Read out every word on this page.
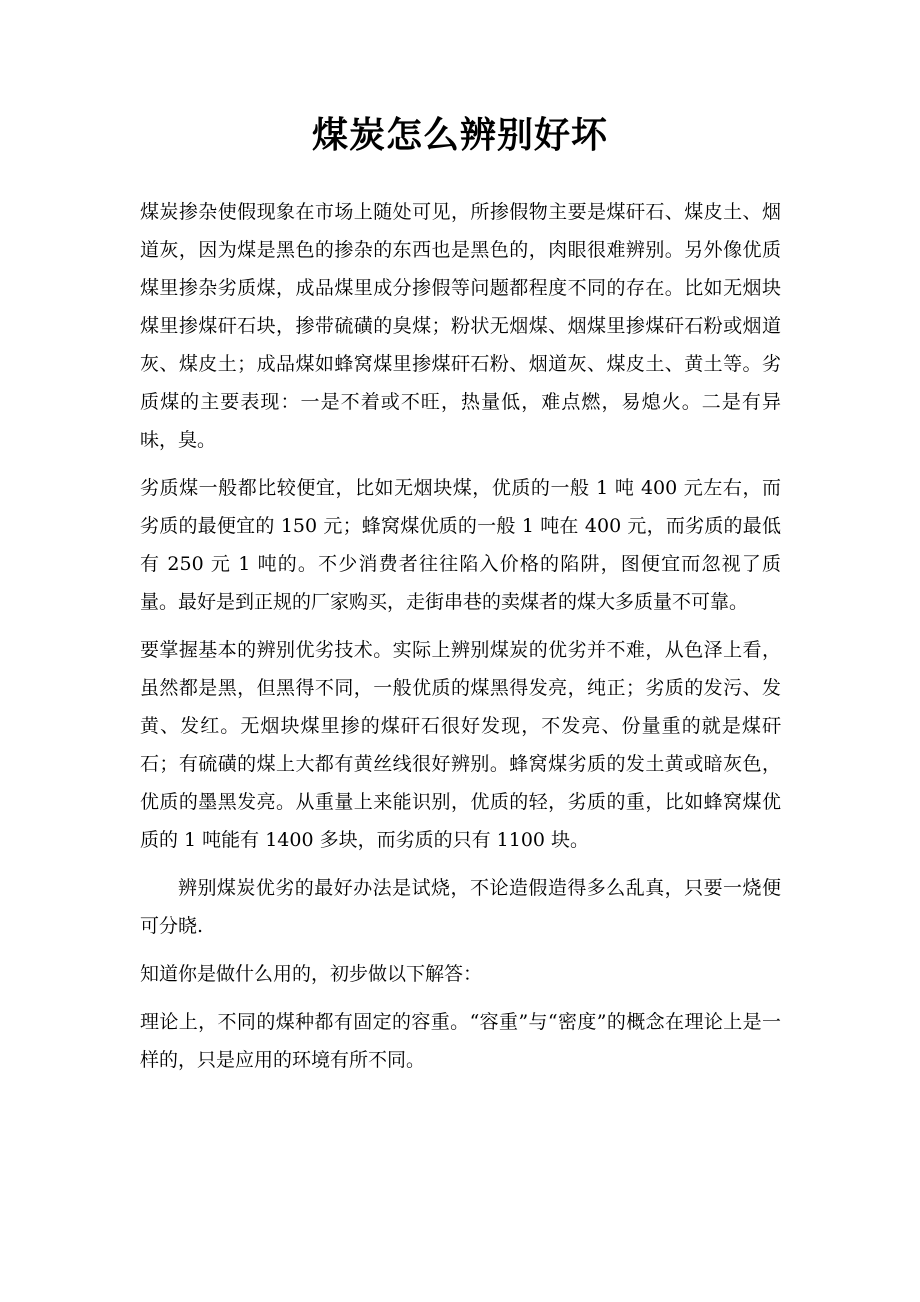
煤炭怎么辨别好坏

煤炭掺杂使假现象在市场上随处可见，所掺假物主要是煤矸石、煤皮土、烟道灰，因为煤是黑色的掺杂的东西也是黑色的，肉眼很难辨别。另外像优质煤里掺杂劣质煤，成品煤里成分掺假等问题都程度不同的存在。比如无烟块煤里掺煤矸石块，掺带硫磺的臭煤；粉状无烟煤、烟煤里掺煤矸石粉或烟道灰、煤皮土；成品煤如蜂窝煤里掺煤矸石粉、烟道灰、煤皮土、黄土等。劣质煤的主要表现：一是不着或不旺，热量低，难点燃，易熄火。二是有异味，臭。

劣质煤一般都比较便宜，比如无烟块煤，优质的一般 1 吨 400 元左右，而劣质的最便宜的 150 元；蜂窝煤优质的一般 1 吨在 400 元，而劣质的最低有 250 元 1 吨的。不少消费者往往陷入价格的陷阱，图便宜而忽视了质量。最好是到正规的厂家购买，走街串巷的卖煤者的煤大多质量不可靠。

要掌握基本的辨别优劣技术。实际上辨别煤炭的优劣并不难，从色泽上看，虽然都是黑，但黑得不同，一般优质的煤黑得发亮，纯正；劣质的发污、发黄、发红。无烟块煤里掺的煤矸石很好发现，不发亮、份量重的就是煤矸石；有硫磺的煤上大都有黄丝线很好辨别。蜂窝煤劣质的发土黄或暗灰色，优质的墨黑发亮。从重量上来能识别，优质的轻，劣质的重，比如蜂窝煤优质的 1 吨能有 1400 多块，而劣质的只有 1100 块。

辨别煤炭优劣的最好办法是试烧，不论造假造得多么乱真，只要一烧便可分晓.

知道你是做什么用的，初步做以下解答：

理论上，不同的煤种都有固定的容重。“容重”与“密度”的概念在理论上是一样的，只是应用的环境有所不同。
